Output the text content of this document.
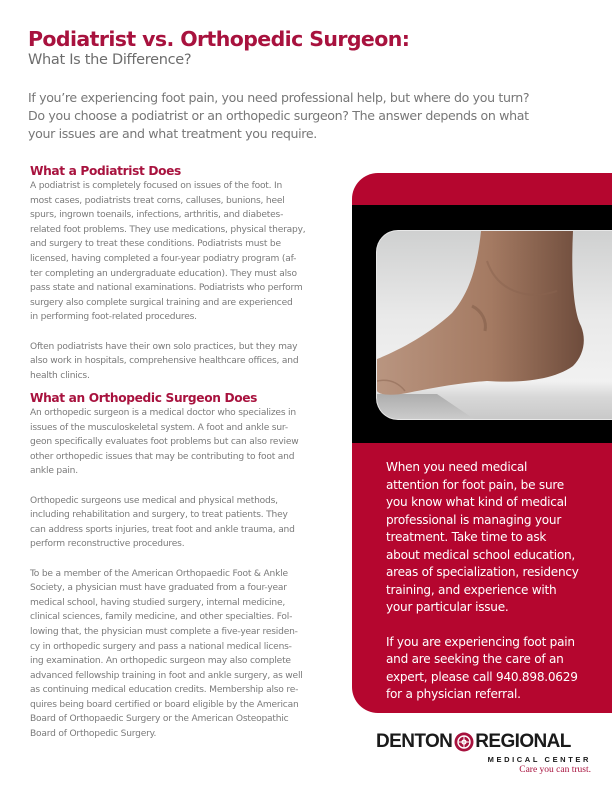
Podiatrist vs. Orthopedic Surgeon:
What Is the Difference?
If you’re experiencing foot pain, you need professional help, but where do you turn?
Do you choose a podiatrist or an orthopedic surgeon? The answer depends on what
your issues are and what treatment you require.
What a Podiatrist Does
A podiatrist is completely focused on issues of the foot. In
most cases, podiatrists treat corns, calluses, bunions, heel
spurs, ingrown toenails, infections, arthritis, and diabetes-
related foot problems. They use medications, physical therapy,
and surgery to treat these conditions. Podiatrists must be
licensed, having completed a four-year podiatry program (af-
ter completing an undergraduate education). They must also
pass state and national examinations. Podiatrists who perform
surgery also complete surgical training and are experienced
in performing foot-related procedures.
Often podiatrists have their own solo practices, but they may
also work in hospitals, comprehensive healthcare offices, and
health clinics.
What an Orthopedic Surgeon Does
An orthopedic surgeon is a medical doctor who specializes in
issues of the musculoskeletal system. A foot and ankle sur-
geon specifically evaluates foot problems but can also review
other orthopedic issues that may be contributing to foot and
ankle pain.
Orthopedic surgeons use medical and physical methods,
including rehabilitation and surgery, to treat patients. They
can address sports injuries, treat foot and ankle trauma, and
perform reconstructive procedures.
To be a member of the American Orthopaedic Foot & Ankle
Society, a physician must have graduated from a four-year
medical school, having studied surgery, internal medicine,
clinical sciences, family medicine, and other specialties. Fol-
lowing that, the physician must complete a five-year residen-
cy in orthopedic surgery and pass a national medical licens-
ing examination. An orthopedic surgeon may also complete
advanced fellowship training in foot and ankle surgery, as well
as continuing medical education credits. Membership also re-
quires being board certified or board eligible by the American
Board of Orthopaedic Surgery or the American Osteopathic
Board of Orthopedic Surgery.
When you need medical
attention for foot pain, be sure
you know what kind of medical
professional is managing your
treatment. Take time to ask
about medical school education,
areas of specialization, residency
training, and experience with
your particular issue.
If you are experiencing foot pain
and are seeking the care of an
expert, please call 940.898.0629
for a physician referral.
DENTON REGIONAL
MEDICAL CENTER
Care you can trust.
